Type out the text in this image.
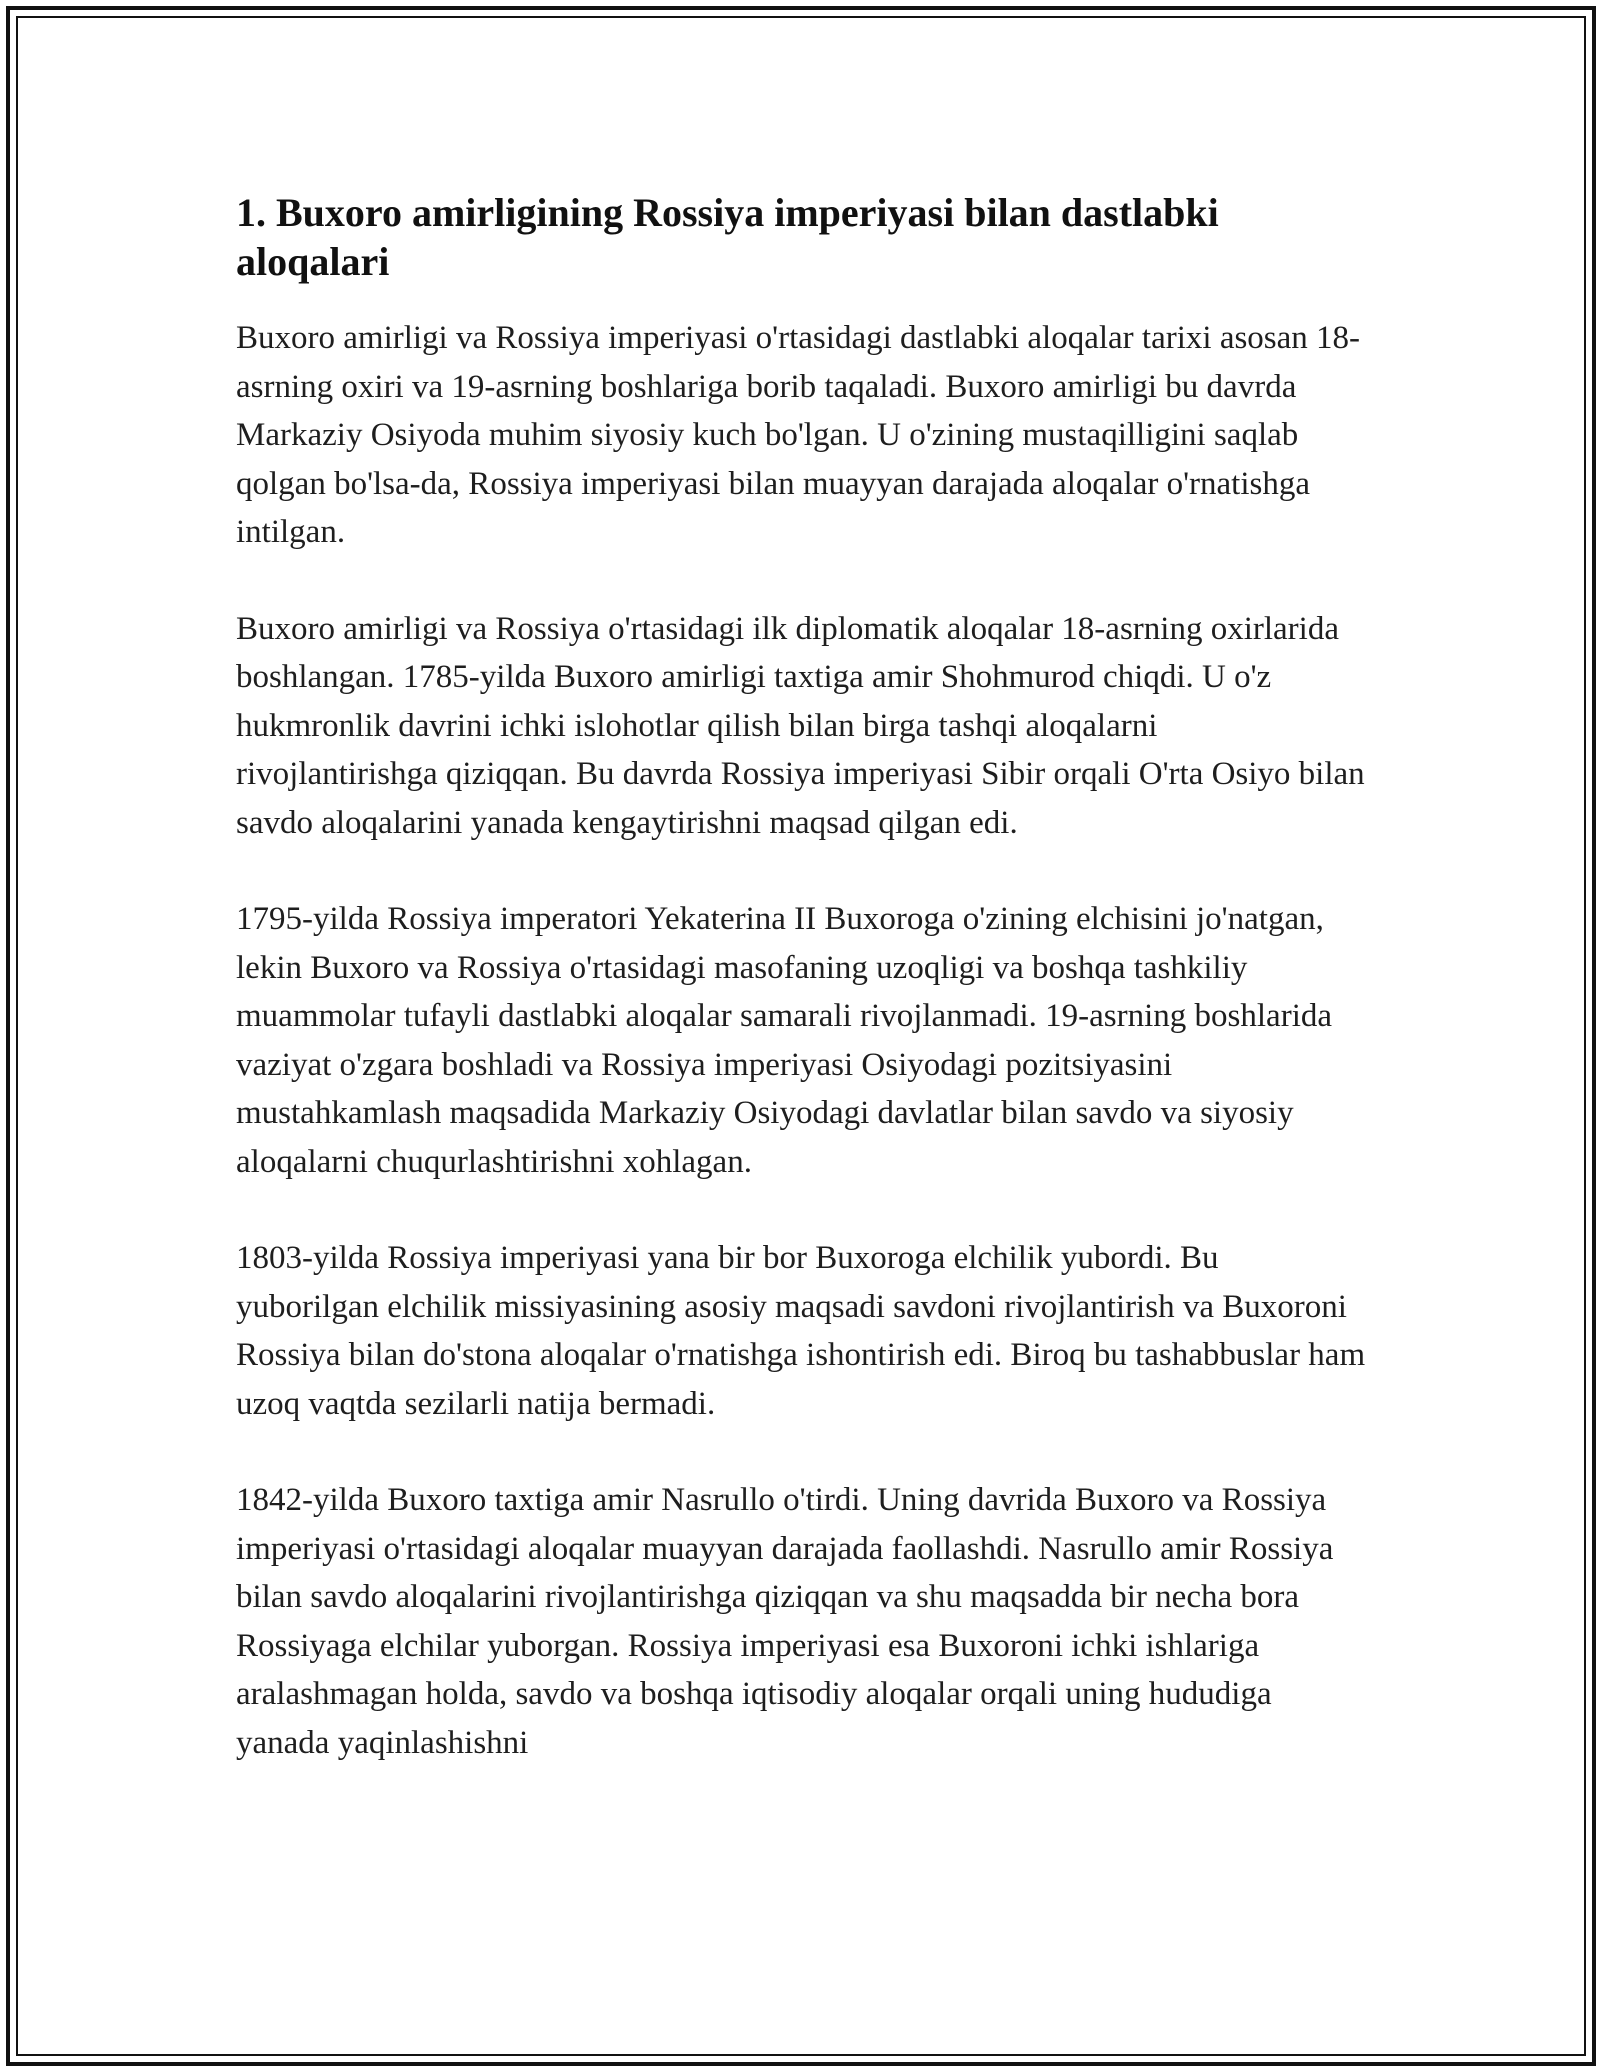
1. Buxoro amirligining Rossiya imperiyasi bilan dastlabki aloqalari

Buxoro amirligi va Rossiya imperiyasi o'rtasidagi dastlabki aloqalar tarixi asosan 18-asrning oxiri va 19-asrning boshlariga borib taqaladi. Buxoro amirligi bu davrda Markaziy Osiyoda muhim siyosiy kuch bo'lgan. U o'zining mustaqilligini saqlab qolgan bo'lsa-da, Rossiya imperiyasi bilan muayyan darajada aloqalar o'rnatishga intilgan.

Buxoro amirligi va Rossiya o'rtasidagi ilk diplomatik aloqalar 18-asrning oxirlarida boshlangan. 1785-yilda Buxoro amirligi taxtiga amir Shohmurod chiqdi. U o'z hukmronlik davrini ichki islohotlar qilish bilan birga tashqi aloqalarni rivojlantirishga qiziqqan. Bu davrda Rossiya imperiyasi Sibir orqali O'rta Osiyo bilan savdo aloqalarini yanada kengaytirishni maqsad qilgan edi.

1795-yilda Rossiya imperatori Yekaterina II Buxoroga o'zining elchisini jo'natgan, lekin Buxoro va Rossiya o'rtasidagi masofaning uzoqligi va boshqa tashkiliy muammolar tufayli dastlabki aloqalar samarali rivojlanmadi. 19-asrning boshlarida vaziyat o'zgara boshladi va Rossiya imperiyasi Osiyodagi pozitsiyasini mustahkamlash maqsadida Markaziy Osiyodagi davlatlar bilan savdo va siyosiy aloqalarni chuqurlashtirishni xohlagan.

1803-yilda Rossiya imperiyasi yana bir bor Buxoroga elchilik yubordi. Bu yuborilgan elchilik missiyasining asosiy maqsadi savdoni rivojlantirish va Buxoroni Rossiya bilan do'stona aloqalar o'rnatishga ishontirish edi. Biroq bu tashabbuslar ham uzoq vaqtda sezilarli natija bermadi.

1842-yilda Buxoro taxtiga amir Nasrullo o'tirdi. Uning davrida Buxoro va Rossiya imperiyasi o'rtasidagi aloqalar muayyan darajada faollashdi. Nasrullo amir Rossiya bilan savdo aloqalarini rivojlantirishga qiziqqan va shu maqsadda bir necha bora Rossiyaga elchilar yuborgan. Rossiya imperiyasi esa Buxoroni ichki ishlariga aralashmagan holda, savdo va boshqa iqtisodiy aloqalar orqali uning hududiga yanada yaqinlashishni
